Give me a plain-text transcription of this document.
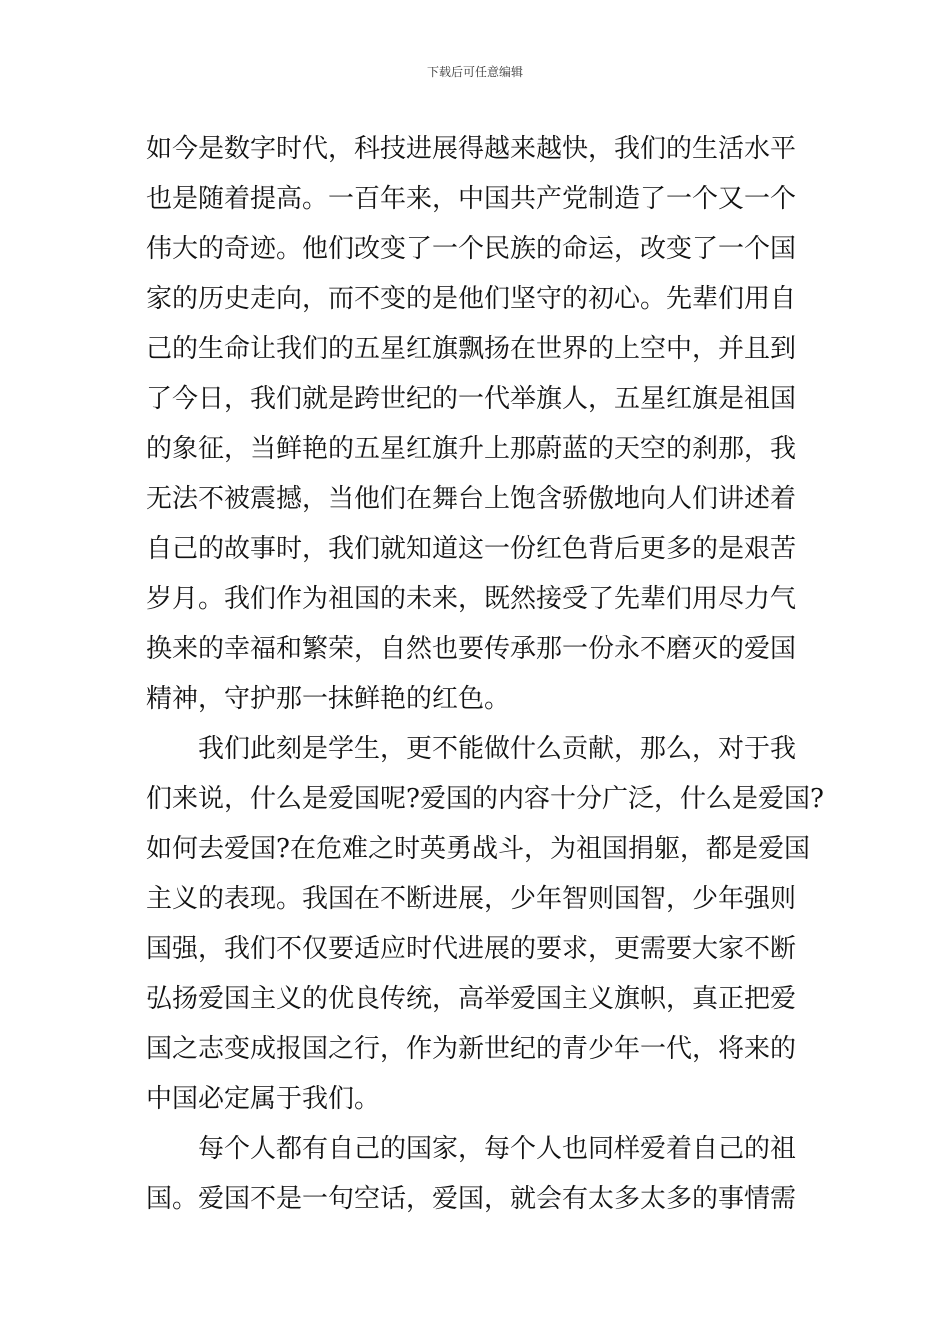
下载后可任意编辑
如今是数字时代，科技进展得越来越快，我们的生活水平
也是随着提高。一百年来，中国共产党制造了一个又一个
伟大的奇迹。他们改变了一个民族的命运，改变了一个国
家的历史走向，而不变的是他们坚守的初心。先辈们用自
己的生命让我们的五星红旗飘扬在世界的上空中，并且到
了今日，我们就是跨世纪的一代举旗人，五星红旗是祖国
的象征，当鲜艳的五星红旗升上那蔚蓝的天空的刹那，我
无法不被震撼，当他们在舞台上饱含骄傲地向人们讲述着
自己的故事时，我们就知道这一份红色背后更多的是艰苦
岁月。我们作为祖国的未来，既然接受了先辈们用尽力气
换来的幸福和繁荣，自然也要传承那一份永不磨灭的爱国
精神，守护那一抹鲜艳的红色。
　　我们此刻是学生，更不能做什么贡献，那么，对于我
们来说，什么是爱国呢?爱国的内容十分广泛，什么是爱国?
如何去爱国?在危难之时英勇战斗，为祖国捐躯，都是爱国
主义的表现。我国在不断进展，少年智则国智，少年强则
国强，我们不仅要适应时代进展的要求，更需要大家不断
弘扬爱国主义的优良传统，高举爱国主义旗帜，真正把爱
国之志变成报国之行，作为新世纪的青少年一代，将来的
中国必定属于我们。
　　每个人都有自己的国家，每个人也同样爱着自己的祖
国。爱国不是一句空话，爱国，就会有太多太多的事情需
